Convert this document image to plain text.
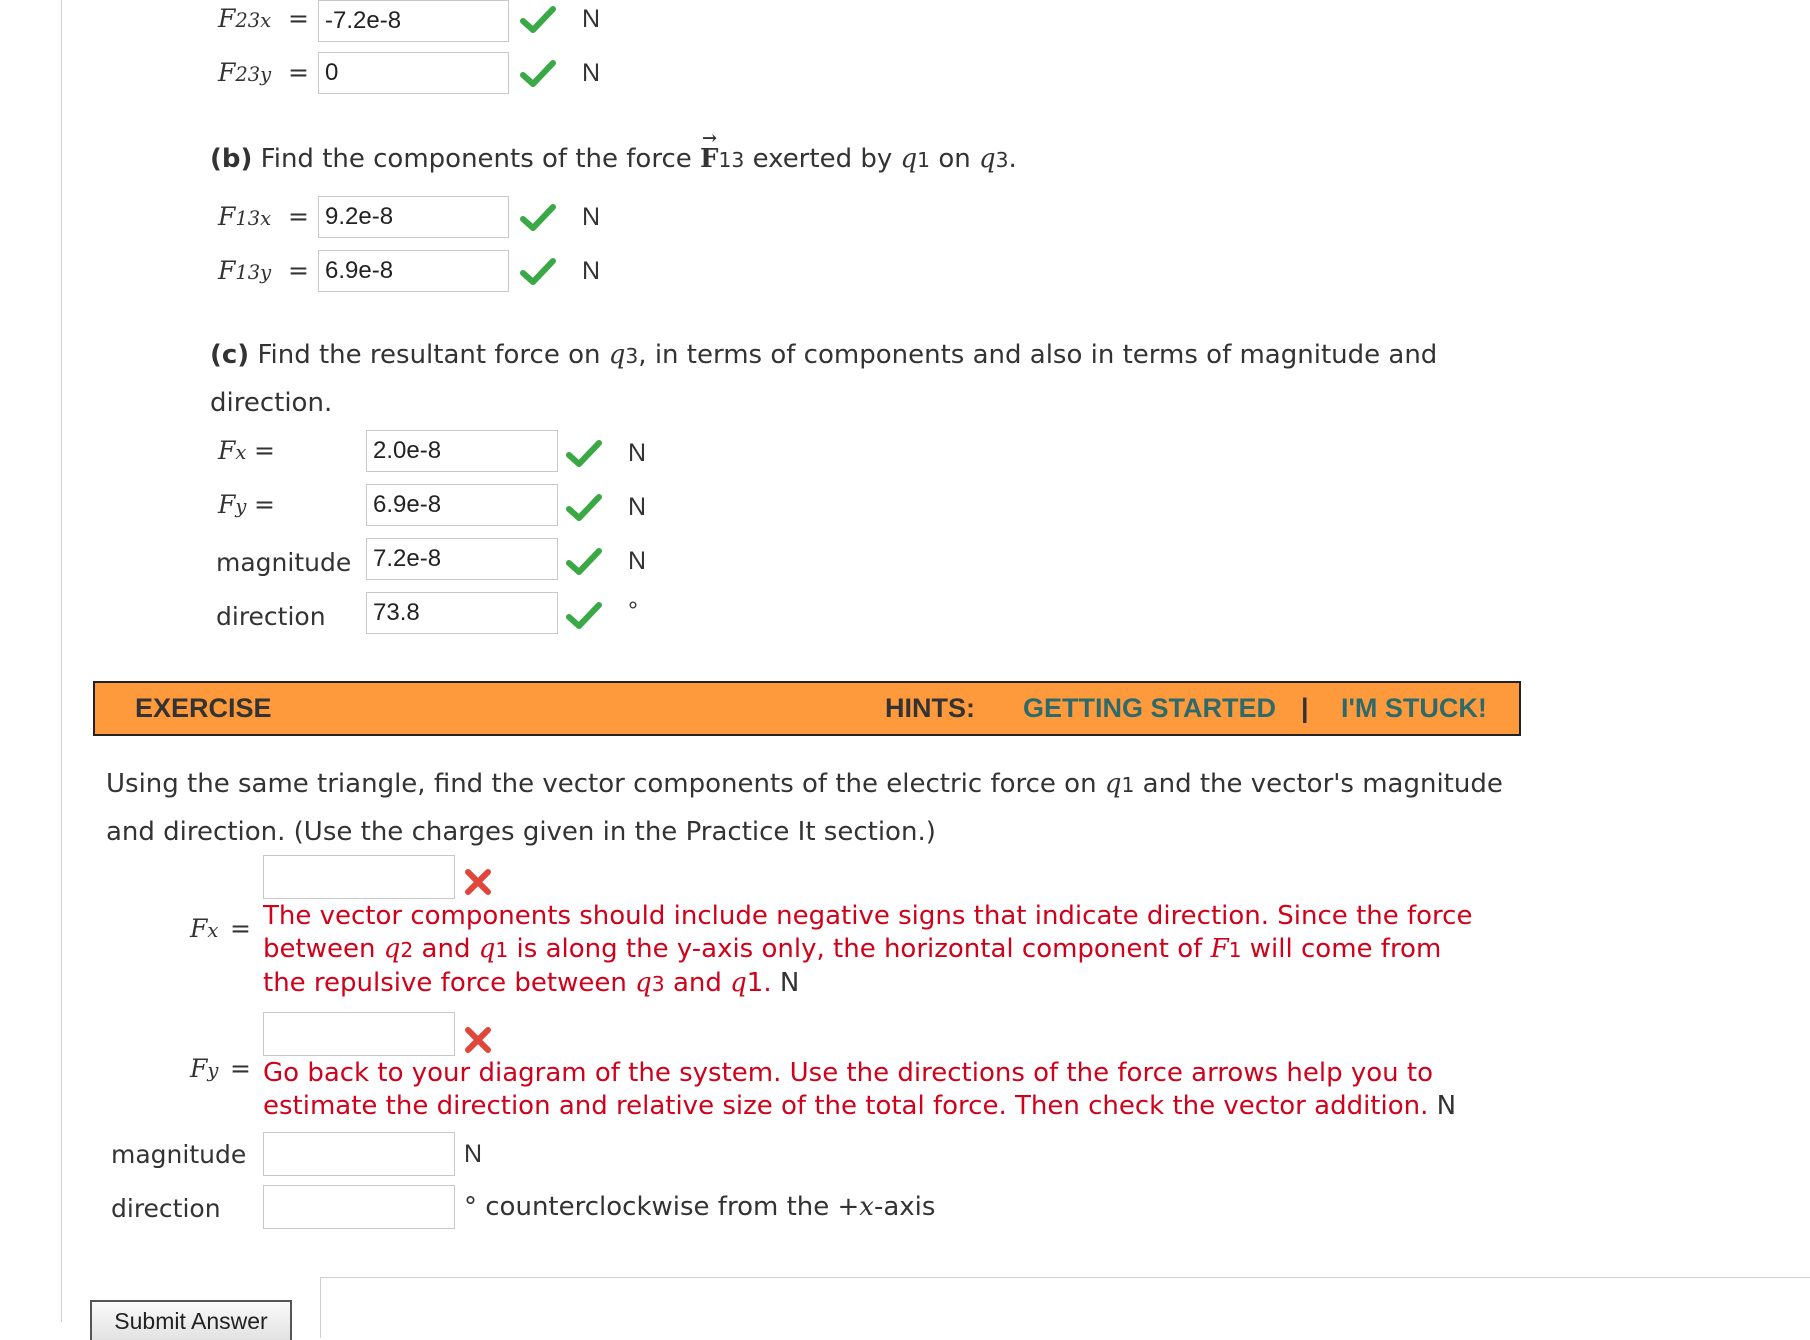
F23x = -7.2e-8	N
F23y = 0	N
(b) Find the components of the force
→
F13 exerted by q1 on q3.
F13x = 9.2e-8	N
F13y = 6.9e-8	N
(c) Find the resultant force on q3, in terms of components and also in terms of magnitude and
direction.
Fx =	2.0e-8	N
Fy =	6.9e-8	N
magnitude 7.2e-8	N
direction 73.8	°
EXERCISE	HINTS: GETTING STARTED | I'M STUCK!
Using the same triangle, find the vector components of the electric force on q1 and the vector's magnitude
and direction. (Use the charges given in the Practice It section.)
Fx = The vector components should include negative signs that indicate direction. Since the force
between q2 and q1 is along the y-axis only, the horizontal component of F1 will come from
the repulsive force between q3 and q1. N
Fy = Go back to your diagram of the system. Use the directions of the force arrows help you to
estimate the direction and relative size of the total force. Then check the vector addition. N
magnitude	N
direction	° counterclockwise from the +x-axis
Submit Answer
